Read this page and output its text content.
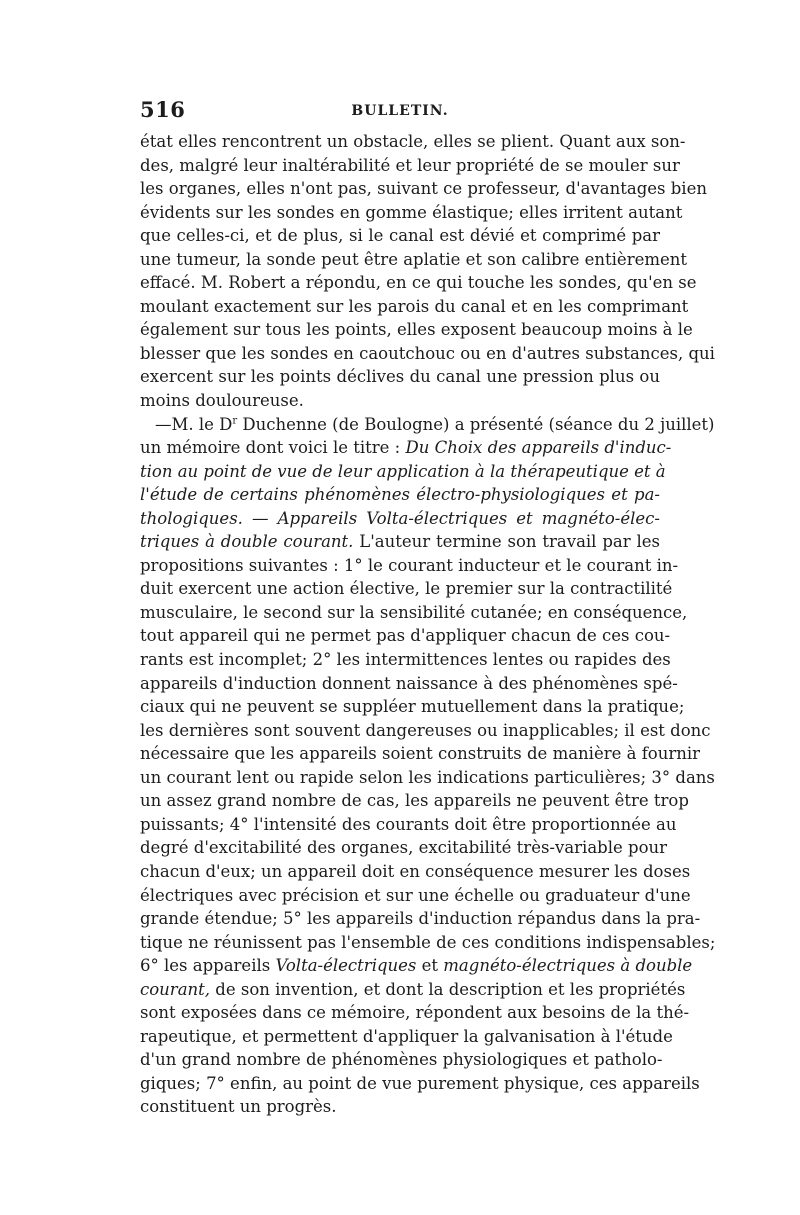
516	BULLETIN.
état elles rencontrent un obstacle, elles se plient. Quant aux son-
des, malgré leur inaltérabilité et leur propriété de se mouler sur
les organes, elles n'ont pas, suivant ce professeur, d'avantages bien
évidents sur les sondes en gomme élastique; elles irritent autant
que celles-ci, et de plus, si le canal est dévié et comprimé par
une tumeur, la sonde peut être aplatie et son calibre entièrement
effacé. M. Robert a répondu, en ce qui touche les sondes, qu'en se
moulant exactement sur les parois du canal et en les comprimant
également sur tous les points, elles exposent beaucoup moins à le
blesser que les sondes en caoutchouc ou en d'autres substances, qui
exercent sur les points déclives du canal une pression plus ou
moins douloureuse.
—M. le $D^r$ Duchenne (de Boulogne) a présenté (séance du 2 juillet)
un mémoire dont voici le titre : Du Choix des appareils d'induc-
tion au point de vue de leur application à la thérapeutique et à
l'étude de certains phénomènes électro-physiologiques et pa-
thologiques. — Appareils Volta-électriques et magnéto-élec-
triques à double courant. L'auteur termine son travail par les
propositions suivantes : 1° le courant inducteur et le courant in-
duit exercent une action élective, le premier sur la contractilité
musculaire, le second sur la sensibilité cutanée; en conséquence,
tout appareil qui ne permet pas d'appliquer chacun de ces cou-
rants est incomplet; 2° les intermittences lentes ou rapides des
appareils d'induction donnent naissance à des phénomènes spé-
ciaux qui ne peuvent se suppléer mutuellement dans la pratique;
les dernières sont souvent dangereuses ou inapplicables; il est donc
nécessaire que les appareils soient construits de manière à fournir
un courant lent ou rapide selon les indications particulières; 3° dans
un assez grand nombre de cas, les appareils ne peuvent être trop
puissants; 4° l'intensité des courants doit être proportionnée au
degré d'excitabilité des organes, excitabilité très-variable pour
chacun d'eux; un appareil doit en conséquence mesurer les doses
électriques avec précision et sur une échelle ou graduateur d'une
grande étendue; 5° les appareils d'induction répandus dans la pra-
tique ne réunissent pas l'ensemble de ces conditions indispensables;
6° les appareils Volta-électriques et magnéto-électriques à double
courant, de son invention, et dont la description et les propriétés
sont exposées dans ce mémoire, répondent aux besoins de la thé-
rapeutique, et permettent d'appliquer la galvanisation à l'étude
d'un grand nombre de phénomènes physiologiques et patholo-
giques; 7° enfin, au point de vue purement physique, ces appareils
constituent un progrès.
